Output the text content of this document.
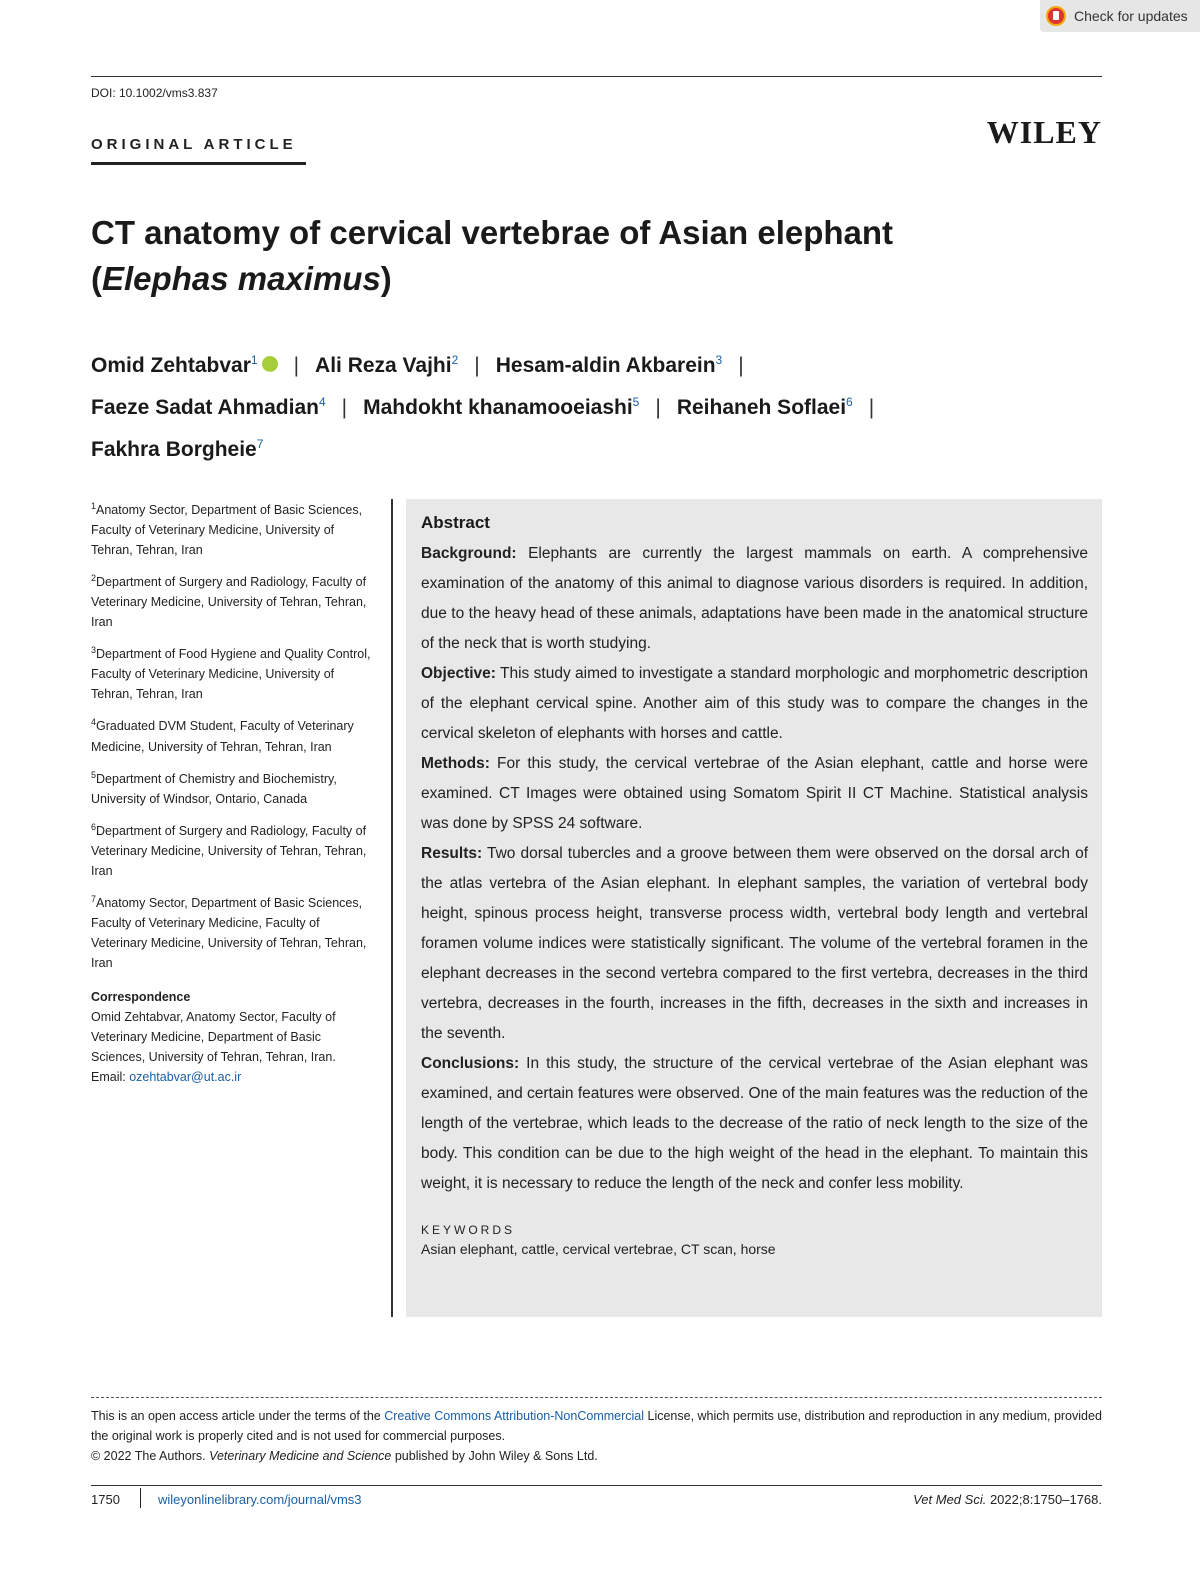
Check for updates
DOI: 10.1002/vms3.837
ORIGINAL ARTICLE	WILEY
CT anatomy of cervical vertebrae of Asian elephant
(Elephas maximus)
Omid Zehtabvar$^1$iD | Ali Reza Vajhi$^2$ | Hesam-aldin Akbarein$^3$ |
Faeze Sadat Ahmadian$^4$ | Mahdokht khanamooeiashi$^5$ | Reihaneh Soflaei$^6$ |
Fakhra Borgheie$^7$
$^1$Anatomy Sector, Department of Basic Sciences, Faculty of Veterinary Medicine, University of Tehran, Tehran, Iran
$^2$Department of Surgery and Radiology, Faculty of Veterinary Medicine, University of Tehran, Tehran, Iran
$^3$Department of Food Hygiene and Quality Control, Faculty of Veterinary Medicine, University of Tehran, Tehran, Iran
$^4$Graduated DVM Student, Faculty of Veterinary Medicine, University of Tehran, Tehran, Iran
$^5$Department of Chemistry and Biochemistry, University of Windsor, Ontario, Canada
$^6$Department of Surgery and Radiology, Faculty of Veterinary Medicine, University of Tehran, Tehran, Iran
$^7$Anatomy Sector, Department of Basic Sciences, Faculty of Veterinary Medicine, Faculty of Veterinary Medicine, University of Tehran, Tehran, Iran
Correspondence
Omid Zehtabvar, Anatomy Sector, Faculty of Veterinary Medicine, Department of Basic Sciences, University of Tehran, Tehran, Iran.
Email: ozehtabvar@ut.ac.ir
Abstract

Background: Elephants are currently the largest mammals on earth. A comprehensive examination of the anatomy of this animal to diagnose various disorders is required. In addition, due to the heavy head of these animals, adaptations have been made in the anatomical structure of the neck that is worth studying.

Objective: This study aimed to investigate a standard morphologic and morphometric description of the elephant cervical spine. Another aim of this study was to compare the changes in the cervical skeleton of elephants with horses and cattle.

Methods: For this study, the cervical vertebrae of the Asian elephant, cattle and horse were examined. CT Images were obtained using Somatom Spirit II CT Machine. Statistical analysis was done by SPSS 24 software.

Results: Two dorsal tubercles and a groove between them were observed on the dorsal arch of the atlas vertebra of the Asian elephant. In elephant samples, the variation of vertebral body height, spinous process height, transverse process width, vertebral body length and vertebral foramen volume indices were statistically significant. The volume of the vertebral foramen in the elephant decreases in the second vertebra compared to the first vertebra, decreases in the third vertebra, decreases in the fourth, increases in the fifth, decreases in the sixth and increases in the seventh.

Conclusions: In this study, the structure of the cervical vertebrae of the Asian elephant was examined, and certain features were observed. One of the main features was the reduction of the length of the vertebrae, which leads to the decrease of the ratio of neck length to the size of the body. This condition can be due to the high weight of the head in the elephant. To maintain this weight, it is necessary to reduce the length of the neck and confer less mobility.

KEYWORDS
Asian elephant, cattle, cervical vertebrae, CT scan, horse
This is an open access article under the terms of the Creative Commons Attribution-NonCommercial License, which permits use, distribution and reproduction in any medium, provided the original work is properly cited and is not used for commercial purposes.
© 2022 The Authors. Veterinary Medicine and Science published by John Wiley & Sons Ltd.
1750	wileyonlinelibrary.com/journal/vms3	Vet Med Sci. 2022;8:1750–1768.
